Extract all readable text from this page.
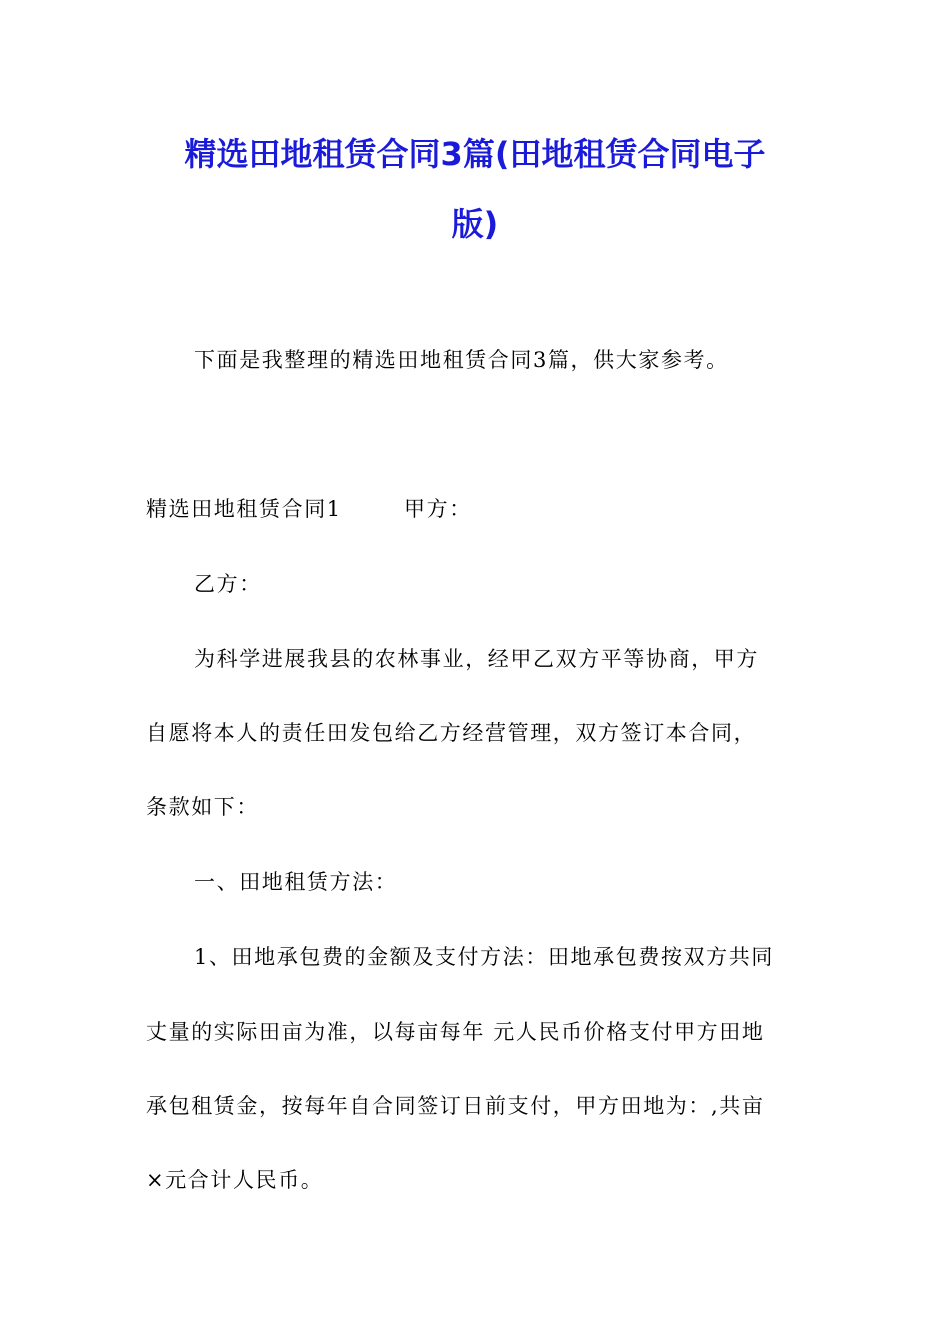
精选田地租赁合同3篇(田地租赁合同电子
版)
下面是我整理的精选田地租赁合同3篇，供大家参考。
精选田地租赁合同1	甲方：
乙方：
为科学进展我县的农林事业，经甲乙双方平等协商，甲方
自愿将本人的责任田发包给乙方经营管理，双方签订本合同，
条款如下：
一、田地租赁方法：
1、田地承包费的金额及支付方法：田地承包费按双方共同
丈量的实际田亩为准，以每亩每年 元人民币价格支付甲方田地
承包租赁金，按每年自合同签订日前支付，甲方田地为：,共亩
×元合计人民币。
